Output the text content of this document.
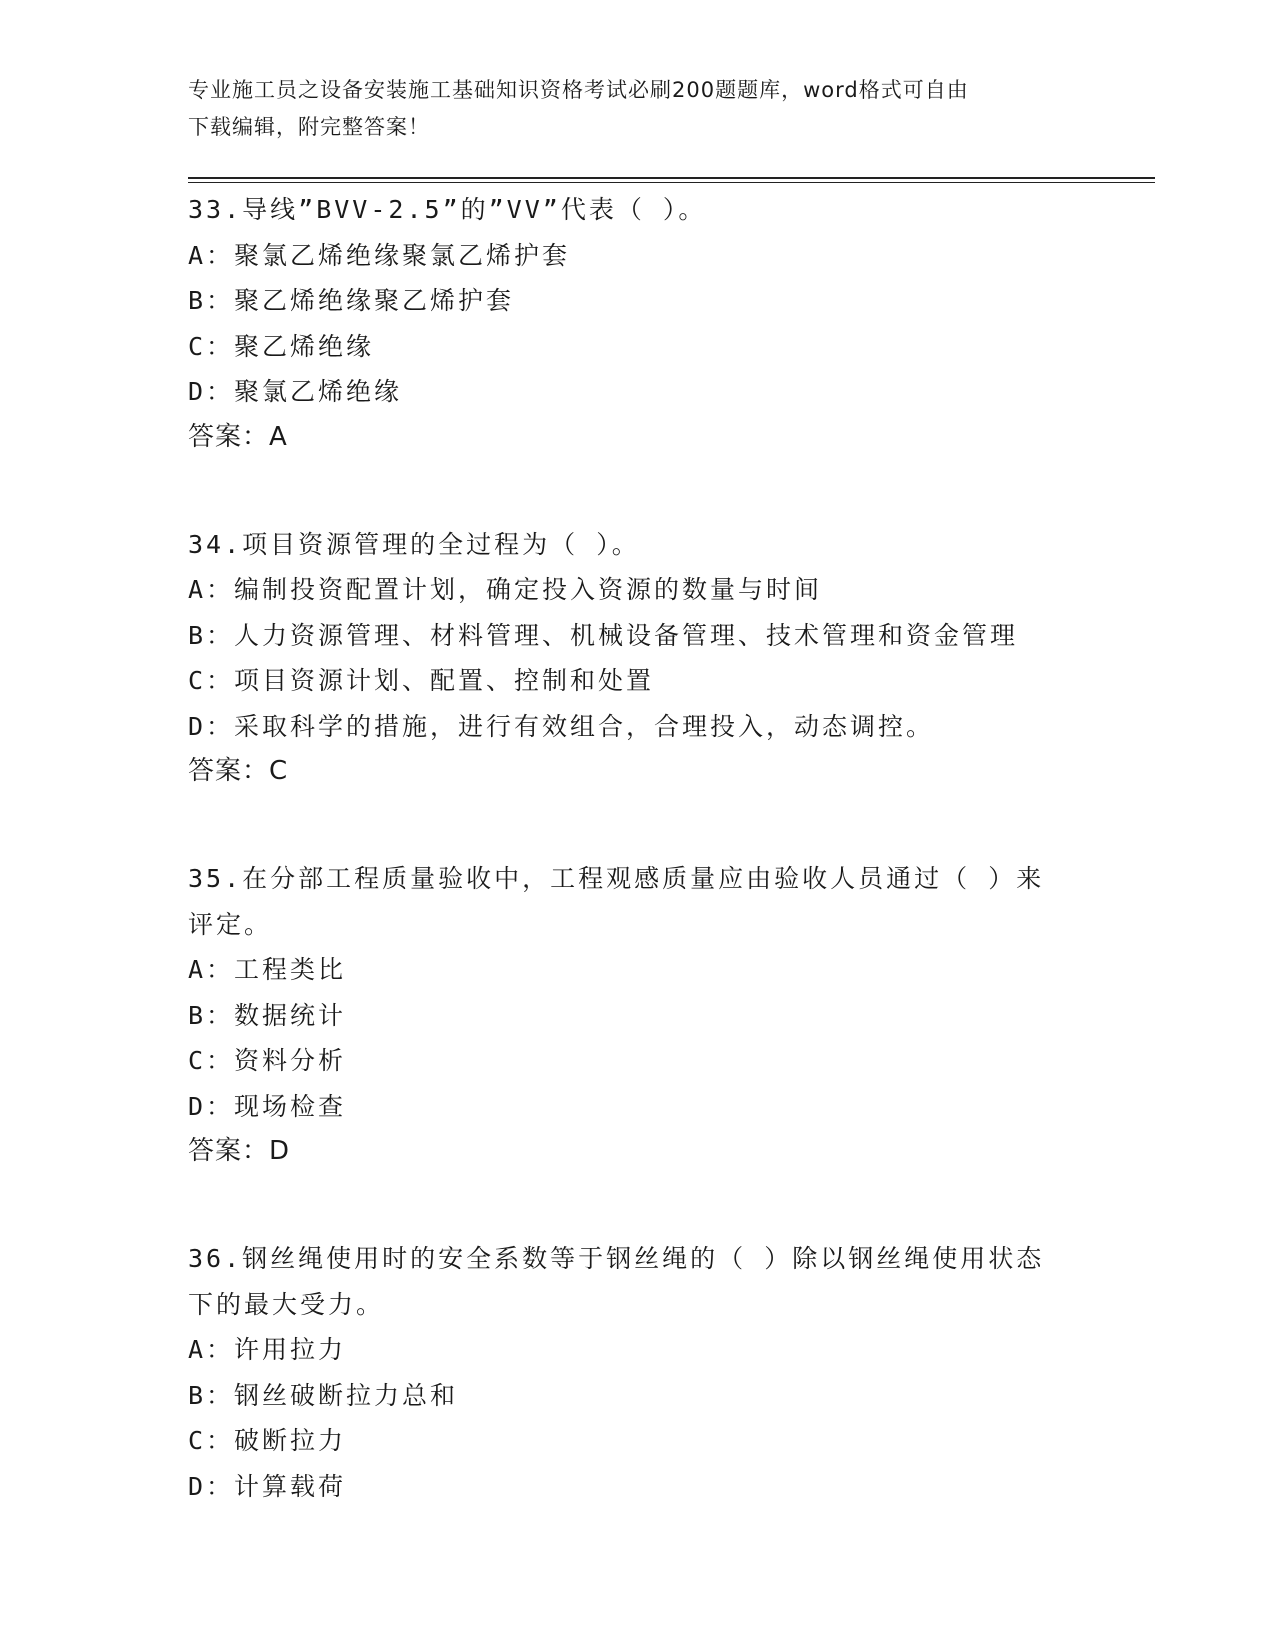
专业施工员之设备安装施工基础知识资格考试必刷200题题库，word格式可自由
下载编辑，附完整答案！

33.导线”BVV-2.5”的”VV”代表（ ）。

A：聚氯乙烯绝缘聚氯乙烯护套

B：聚乙烯绝缘聚乙烯护套

C：聚乙烯绝缘

D：聚氯乙烯绝缘

答案：A

34.项目资源管理的全过程为（ ）。

A：编制投资配置计划，确定投入资源的数量与时间

B：人力资源管理、材料管理、机械设备管理、技术管理和资金管理

C：项目资源计划、配置、控制和处置

D：采取科学的措施，进行有效组合，合理投入，动态调控。

答案：C

35.在分部工程质量验收中，工程观感质量应由验收人员通过（ ）来

评定。

A：工程类比

B：数据统计

C：资料分析

D：现场检查

答案：D

36.钢丝绳使用时的安全系数等于钢丝绳的（ ）除以钢丝绳使用状态

下的最大受力。

A：许用拉力

B：钢丝破断拉力总和

C：破断拉力

D：计算载荷
